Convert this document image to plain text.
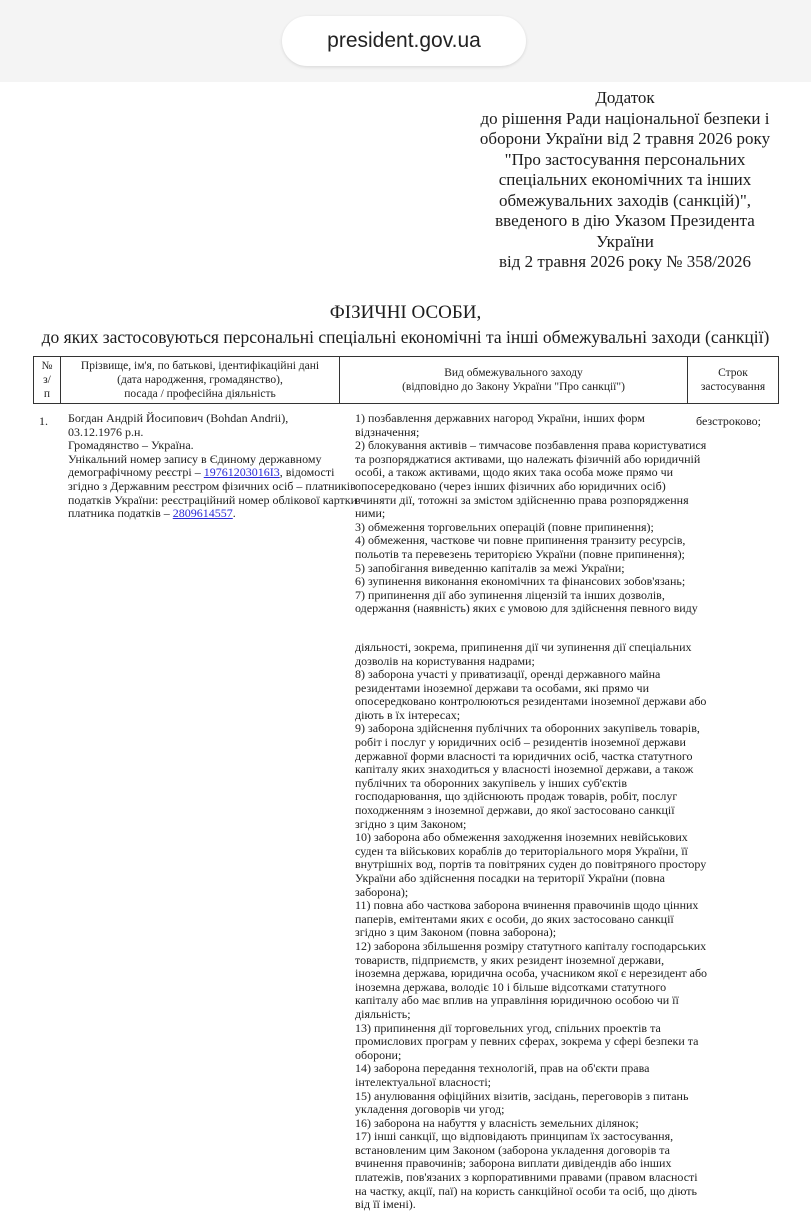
president.gov.ua
Додаток
до рішення Ради національної безпеки і
оборони України від 2 травня 2026 року
"Про застосування персональних
спеціальних економічних та інших
обмежувальних заходів (санкцій)",
введеного в дію Указом Президента
України
від 2 травня 2026 року № 358/2026
ФІЗИЧНІ ОСОБИ,
до яких застосовуються персональні спеціальні економічні та інші обмежувальні заходи (санкції)
№
з/
п
Прізвище, ім'я, по батькові, ідентифікаційні дані
(дата народження, громадянство),
посада / професійна діяльність
Вид обмежувального заходу
(відповідно до Закону України "Про санкції")
Строк
застосування
1.	Богдан Андрій Йосипович (Bohdan Andrii),
03.12.1976 р.н.
Громадянство – Україна.
Унікальний номер запису в Єдиному державному
демографічному реєстрі – 19761203016I3, відомості
згідно з Державним реєстром фізичних осіб – платників
податків України: реєстраційний номер облікової картки
платника податків – 2809614557.
1) позбавлення державних нагород України, інших форм
відзначення;
2) блокування активів – тимчасове позбавлення права користуватися
та розпоряджатися активами, що належать фізичній або юридичній
особі, а також активами, щодо яких така особа може прямо чи
опосередковано (через інших фізичних або юридичних осіб)
вчиняти дії, тотожні за змістом здійсненню права розпорядження
ними;
3) обмеження торговельних операцій (повне припинення);
4) обмеження, часткове чи повне припинення транзиту ресурсів,
польотів та перевезень територією України (повне припинення);
5) запобігання виведенню капіталів за межі України;
6) зупинення виконання економічних та фінансових зобов'язань;
7) припинення дії або зупинення ліцензій та інших дозволів,
одержання (наявність) яких є умовою для здійснення певного виду
діяльності, зокрема, припинення дії чи зупинення дії спеціальних
дозволів на користування надрами;
8) заборона участі у приватизації, оренді державного майна
резидентами іноземної держави та особами, які прямо чи
опосередковано контролюються резидентами іноземної держави або
діють в їх інтересах;
9) заборона здійснення публічних та оборонних закупівель товарів,
робіт і послуг у юридичних осіб – резидентів іноземної держави
державної форми власності та юридичних осіб, частка статутного
капіталу яких знаходиться у власності іноземної держави, а також
публічних та оборонних закупівель у інших суб'єктів
господарювання, що здійснюють продаж товарів, робіт, послуг
походженням з іноземної держави, до якої застосовано санкції
згідно з цим Законом;
10) заборона або обмеження заходження іноземних невійськових
суден та військових кораблів до територіального моря України, її
внутрішніх вод, портів та повітряних суден до повітряного простору
України або здійснення посадки на території України (повна
заборона);
11) повна або часткова заборона вчинення правочинів щодо цінних
паперів, емітентами яких є особи, до яких застосовано санкції
згідно з цим Законом (повна заборона);
12) заборона збільшення розміру статутного капіталу господарських
товариств, підприємств, у яких резидент іноземної держави,
іноземна держава, юридична особа, учасником якої є нерезидент або
іноземна держава, володіє 10 і більше відсотками статутного
капіталу або має вплив на управління юридичною особою чи її
діяльність;
13) припинення дії торговельних угод, спільних проектів та
промислових програм у певних сферах, зокрема у сфері безпеки та
оборони;
14) заборона передання технологій, прав на об'єкти права
інтелектуальної власності;
15) анулювання офіційних візитів, засідань, переговорів з питань
укладення договорів чи угод;
16) заборона на набуття у власність земельних ділянок;
17) інші санкції, що відповідають принципам їх застосування,
встановленим цим Законом (заборона укладення договорів та
вчинення правочинів; заборона виплати дивідендів або інших
платежів, пов'язаних з корпоративними правами (правом власності
на частку, акції, паї) на користь санкційної особи та осіб, що діють
від її імені).
безстроково;
